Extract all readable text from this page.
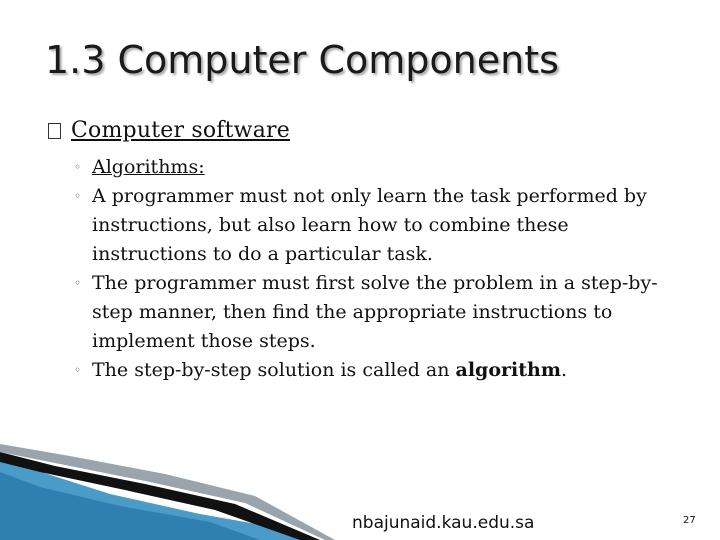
1.3 Computer Components
Computer software
◦ Algorithms:
◦ A programmer must not only learn the task performed by instructions, but also learn how to combine these instructions to do a particular task.
◦ The programmer must first solve the problem in a step-by-step manner, then find the appropriate instructions to implement those steps.
◦ The step-by-step solution is called an algorithm.
nbajunaid.kau.edu.sa	27
